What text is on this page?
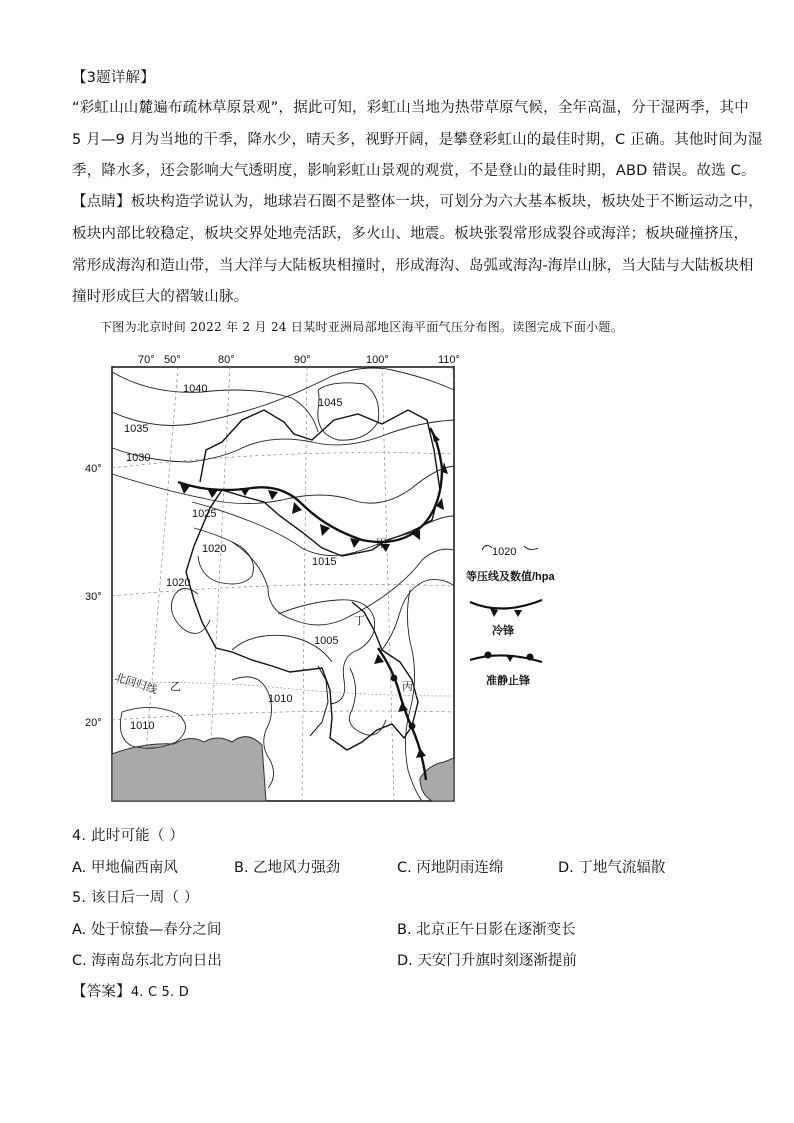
【3题详解】
“彩虹山山麓遍布疏林草原景观”，据此可知，彩虹山当地为热带草原气候，全年高温，分干湿两季，其中
5 月—9 月为当地的干季，降水少，晴天多，视野开阔，是攀登彩虹山的最佳时期，C 正确。其他时间为湿
季，降水多，还会影响大气透明度，影响彩虹山景观的观赏，不是登山的最佳时期，ABD 错误。故选 C。
【点睛】板块构造学说认为，地球岩石圈不是整体一块，可划分为六大基本板块，板块处于不断运动之中，
板块内部比较稳定，板块交界处地壳活跃，多火山、地震。板块张裂常形成裂谷或海洋；板块碰撞挤压，
常形成海沟和造山带，当大洋与大陆板块相撞时，形成海沟、岛弧或海沟-海岸山脉，当大陆与大陆板块相
撞时形成巨大的褶皱山脉。
下图为北京时间 2022 年 2 月 24 日某时亚洲局部地区海平面气压分布图。读图完成下面小题。
1040
1045
1035
1030
1025
1020
1020
1015
1005
1010
1010
甲
乙	丙
丁
北回归线
70° 50°	80°	90°	100°	110°
40°
30°
20°
1020
等压线及数值/hpa
冷锋
准静止锋
4. 此时可能（ ）
A. 甲地偏西南风	B. 乙地风力强劲	C. 丙地阴雨连绵	D. 丁地气流辐散
5. 该日后一周（ ）
A. 处于惊蛰—春分之间	B. 北京正午日影在逐渐变长
C. 海南岛东北方向日出	D. 天安门升旗时刻逐渐提前
【答案】4. C 5. D
